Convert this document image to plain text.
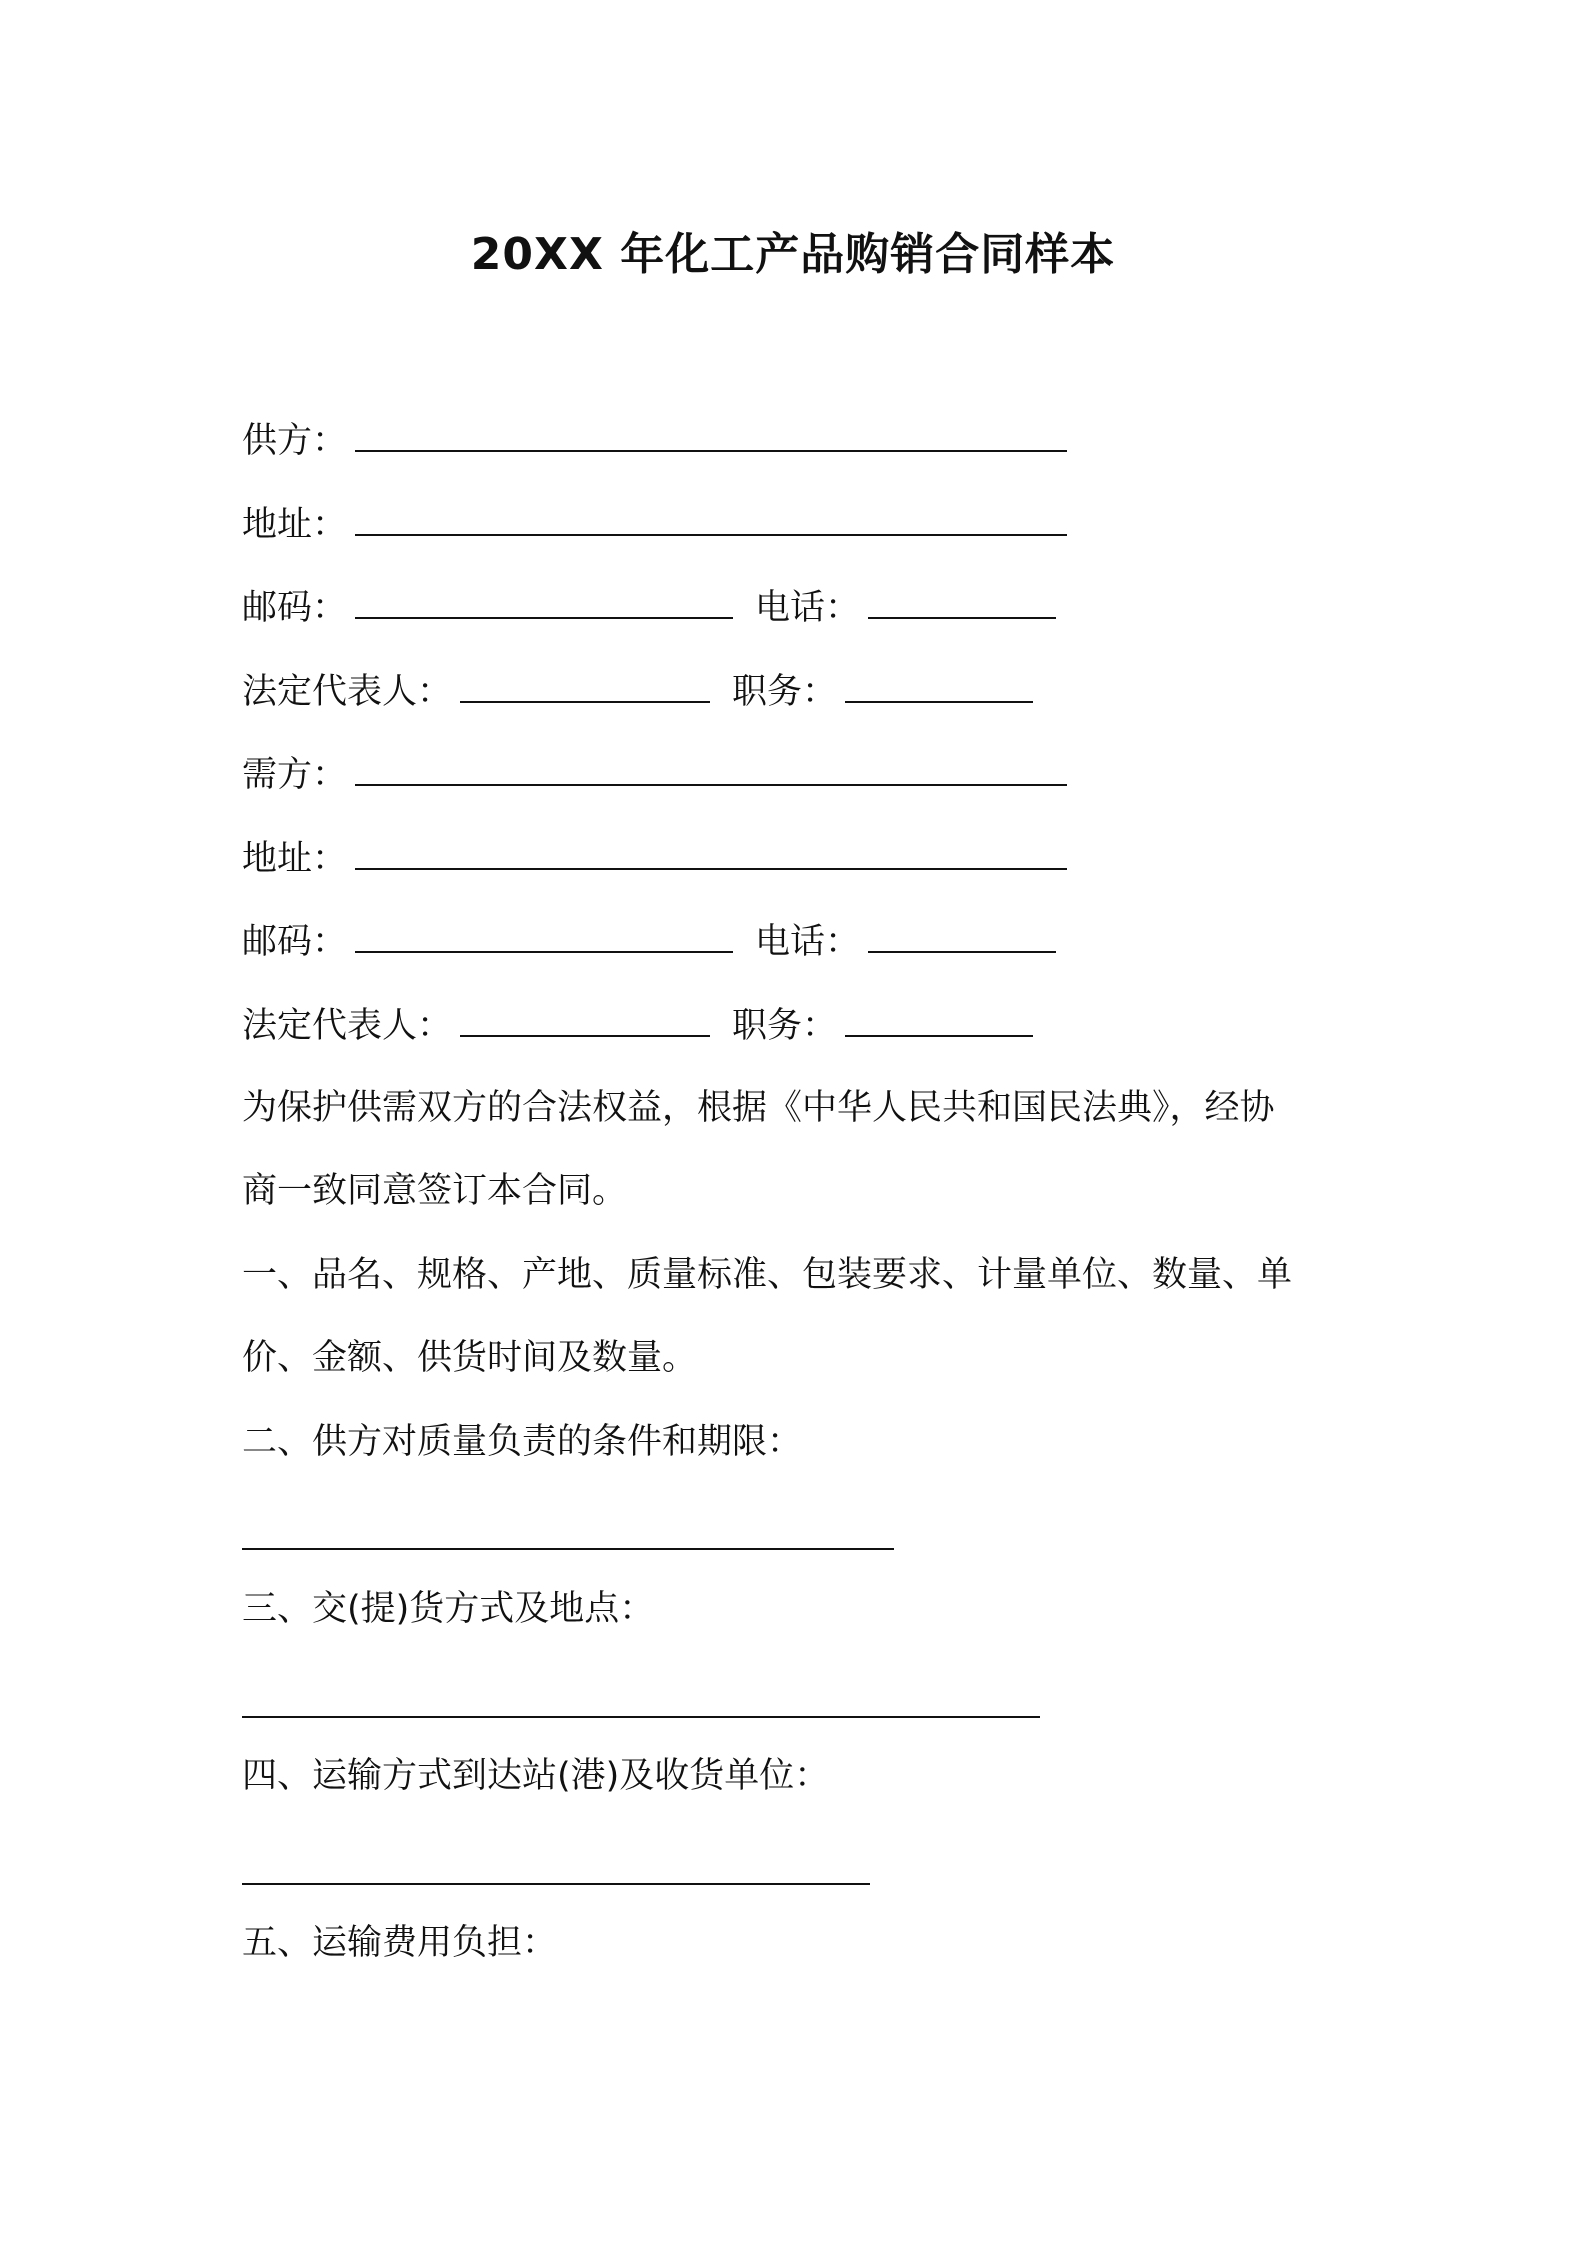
20XX 年化工产品购销合同样本
供方：
地址：
邮码：	电话：
法定代表人：	职务：
需方：
地址：
邮码：	电话：
法定代表人：	职务：
为保护供需双方的合法权益，根据《中华人民共和国民法典》，经协
商一致同意签订本合同。
一、品名、规格、产地、质量标准、包装要求、计量单位、数量、单
价、金额、供货时间及数量。
二、供方对质量负责的条件和期限：
三、交(提)货方式及地点：
四、运输方式到达站(港)及收货单位：
五、运输费用负担：
